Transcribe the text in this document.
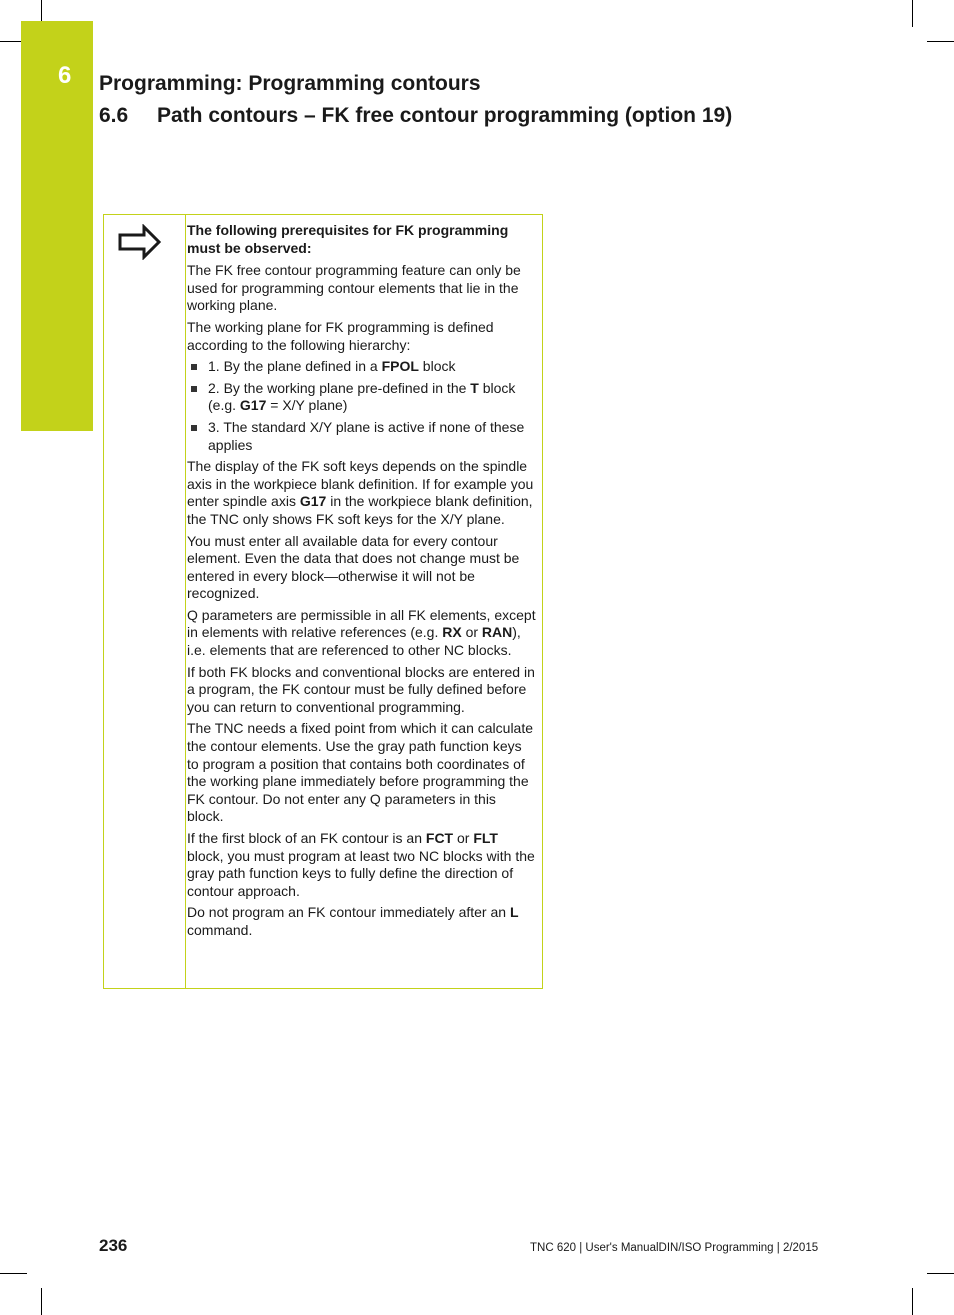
6 Programming: Programming contours
6.6 Path contours – FK free contour programming (option 19)

The following prerequisites for FK programming must be observed:

The FK free contour programming feature can only be used for programming contour elements that lie in the working plane.

The working plane for FK programming is defined according to the following hierarchy:

1. By the plane defined in a FPOL block
2. By the working plane pre-defined in the T block (e.g. G17 = X/Y plane)
3. The standard X/Y plane is active if none of these applies

The display of the FK soft keys depends on the spindle axis in the workpiece blank definition. If for example you enter spindle axis G17 in the workpiece blank definition, the TNC only shows FK soft keys for the X/Y plane.

You must enter all available data for every contour element. Even the data that does not change must be entered in every block—otherwise it will not be recognized.

Q parameters are permissible in all FK elements, except in elements with relative references (e.g. RX or RAN), i.e. elements that are referenced to other NC blocks.

If both FK blocks and conventional blocks are entered in a program, the FK contour must be fully defined before you can return to conventional programming.

The TNC needs a fixed point from which it can calculate the contour elements. Use the gray path function keys to program a position that contains both coordinates of the working plane immediately before programming the FK contour. Do not enter any Q parameters in this block.

If the first block of an FK contour is an FCT or FLT block, you must program at least two NC blocks with the gray path function keys to fully define the direction of contour approach.

Do not program an FK contour immediately after an L command.

236	TNC 620 | User's ManualDIN/ISO Programming | 2/2015
